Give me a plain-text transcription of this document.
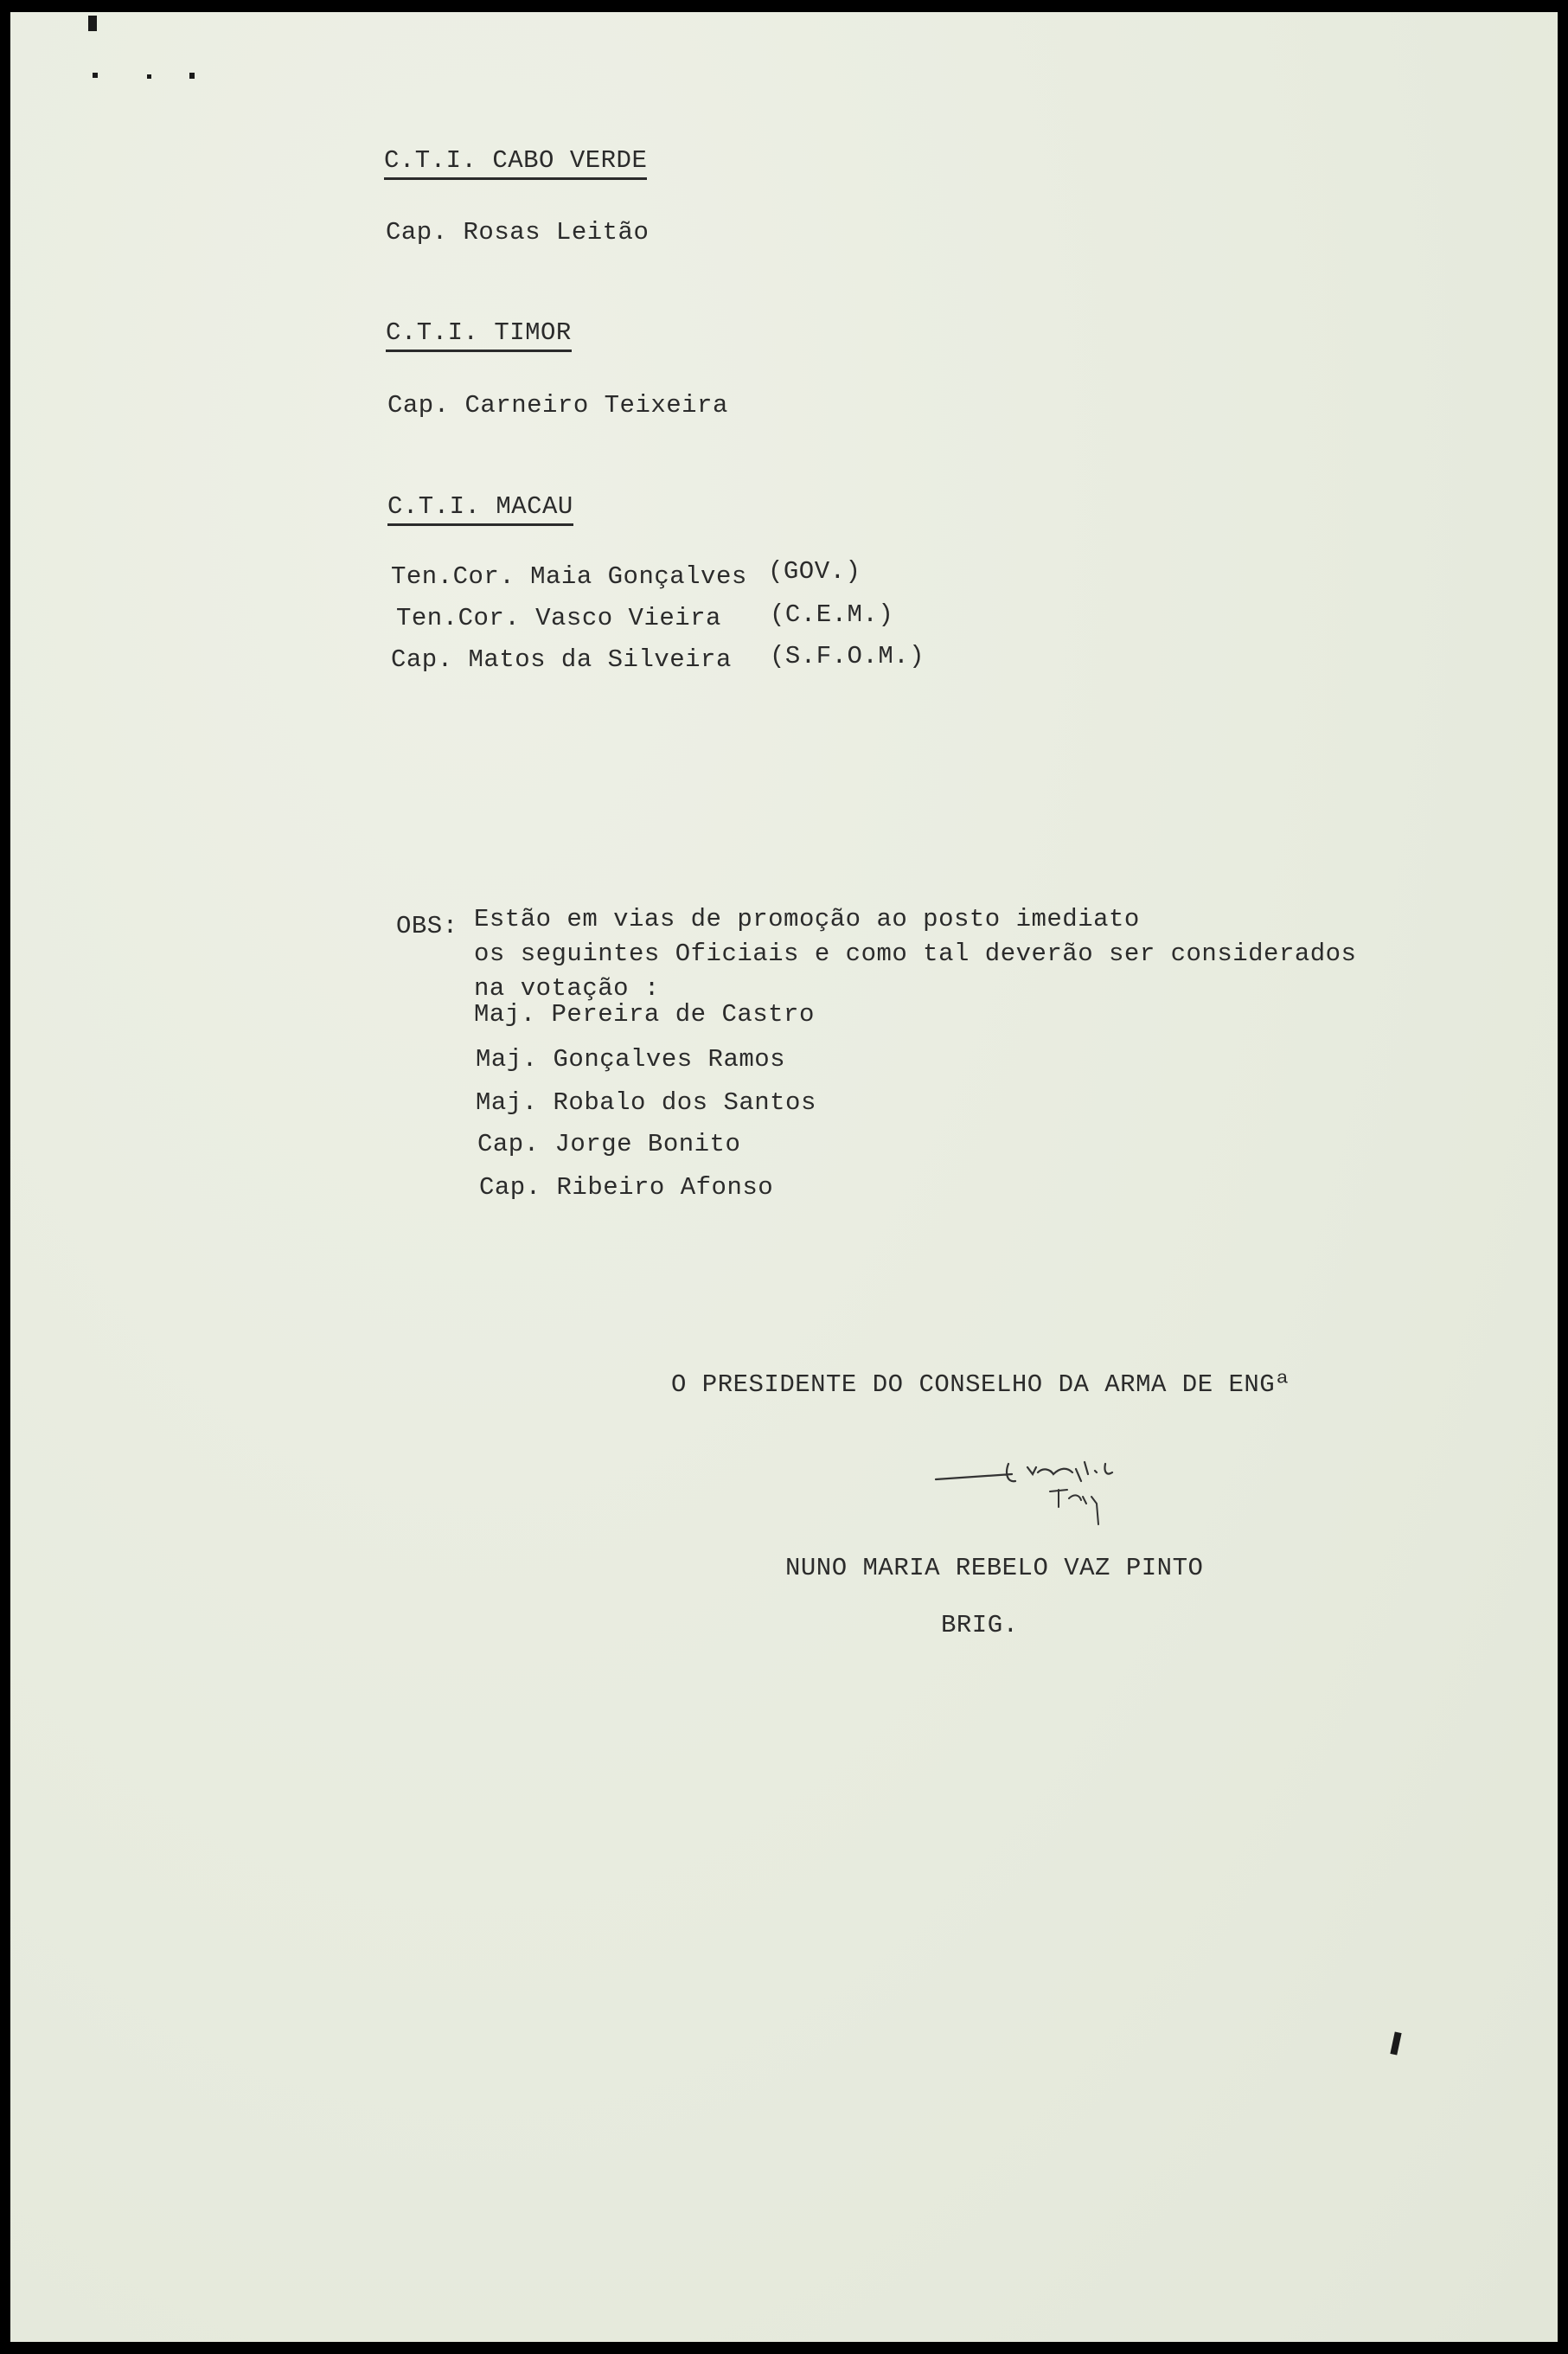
C.T.I. CABO VERDE
Cap. Rosas Leitão
C.T.I. TIMOR
Cap. Carneiro Teixeira
C.T.I. MACAU
Ten.Cor. Maia Gonçalves (GOV.)
Ten.Cor. Vasco Vieira (C.E.M.)
Cap. Matos da Silveira (S.F.O.M.)
OBS: Estão em vias de promoção ao posto imediato
os seguintes Oficiais e como tal deverão ser considerados
na votação :
Maj. Pereira de Castro
Maj. Gonçalves Ramos
Maj. Robalo dos Santos
Cap. Jorge Bonito
Cap. Ribeiro Afonso
O PRESIDENTE DO CONSELHO DA ARMA DE ENGª
NUNO MARIA REBELO VAZ PINTO
BRIG.
